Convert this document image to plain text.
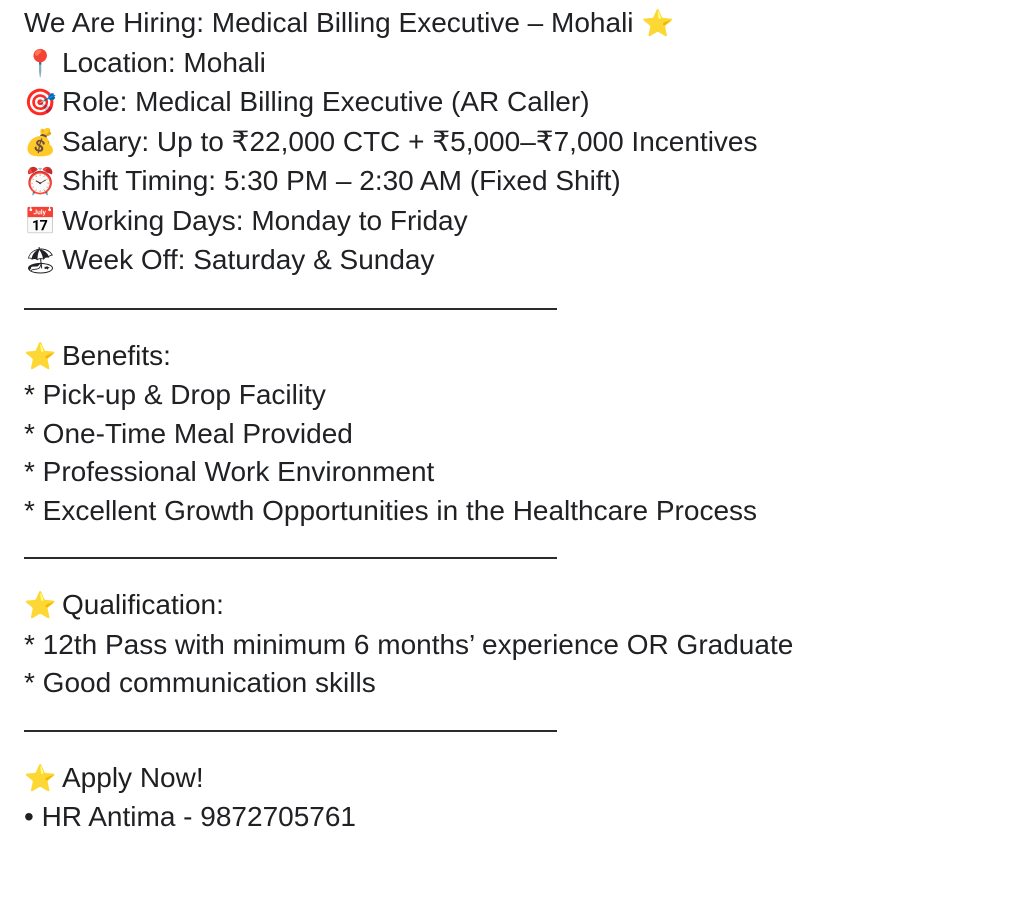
We Are Hiring: Medical Billing Executive – Mohali ⭐
📍 Location: Mohali
🎯 Role: Medical Billing Executive (AR Caller)
💰 Salary: Up to ₹22,000 CTC + ₹5,000–₹7,000 Incentives
⏰ Shift Timing: 5:30 PM – 2:30 AM (Fixed Shift)
📅 Working Days: Monday to Friday
🏖 Week Off: Saturday & Sunday
⭐ Benefits:
* Pick-up & Drop Facility
* One-Time Meal Provided
* Professional Work Environment
* Excellent Growth Opportunities in the Healthcare Process
⭐ Qualification:
* 12th Pass with minimum 6 months’ experience OR Graduate
* Good communication skills
⭐ Apply Now!
• HR Antima - 9872705761
